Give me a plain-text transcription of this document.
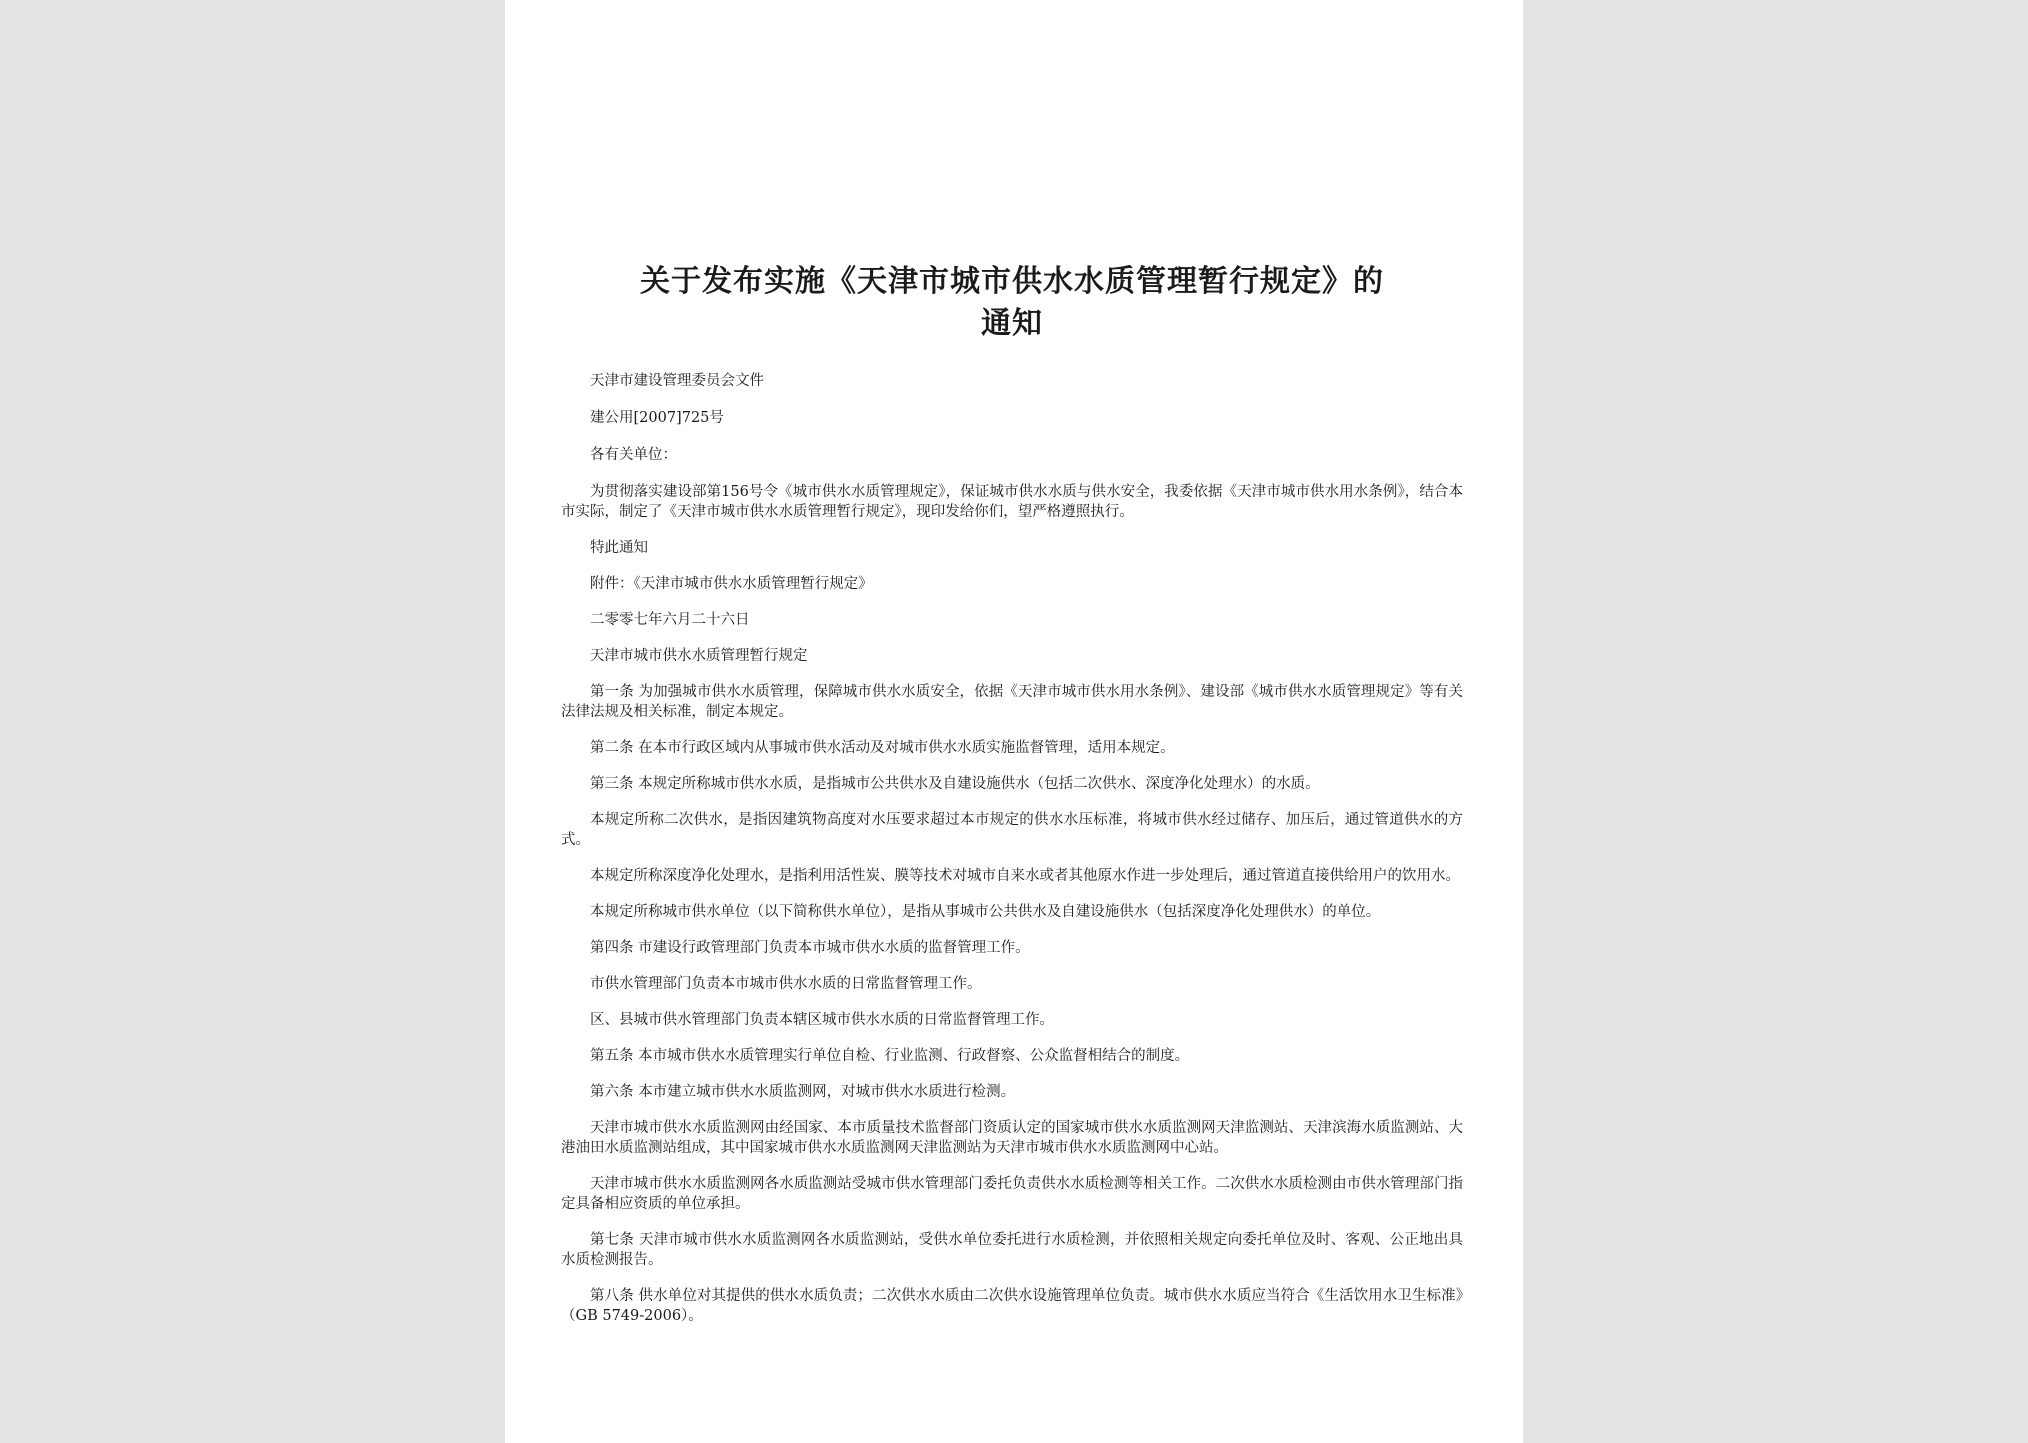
关于发布实施《天津市城市供水水质管理暂行规定》的
通知

天津市建设管理委员会文件

建公用[2007]725号

各有关单位：

为贯彻落实建设部第156号令《城市供水水质管理规定》，保证城市供水水质与供水安全，我委依据《天津市城市供水用水条例》，结合本市实际，制定了《天津市城市供水水质管理暂行规定》，现印发给你们，望严格遵照执行。

特此通知

附件：《天津市城市供水水质管理暂行规定》

二零零七年六月二十六日

天津市城市供水水质管理暂行规定

第一条 为加强城市供水水质管理，保障城市供水水质安全，依据《天津市城市供水用水条例》、建设部《城市供水水质管理规定》等有关法律法规及相关标准，制定本规定。

第二条 在本市行政区域内从事城市供水活动及对城市供水水质实施监督管理，适用本规定。

第三条 本规定所称城市供水水质，是指城市公共供水及自建设施供水（包括二次供水、深度净化处理水）的水质。

本规定所称二次供水，是指因建筑物高度对水压要求超过本市规定的供水水压标准，将城市供水经过储存、加压后，通过管道供水的方式。

本规定所称深度净化处理水，是指利用活性炭、膜等技术对城市自来水或者其他原水作进一步处理后，通过管道直接供给用户的饮用水。

本规定所称城市供水单位（以下简称供水单位），是指从事城市公共供水及自建设施供水（包括深度净化处理供水）的单位。

第四条 市建设行政管理部门负责本市城市供水水质的监督管理工作。

市供水管理部门负责本市城市供水水质的日常监督管理工作。

区、县城市供水管理部门负责本辖区城市供水水质的日常监督管理工作。

第五条 本市城市供水水质管理实行单位自检、行业监测、行政督察、公众监督相结合的制度。

第六条 本市建立城市供水水质监测网，对城市供水水质进行检测。

天津市城市供水水质监测网由经国家、本市质量技术监督部门资质认定的国家城市供水水质监测网天津监测站、天津滨海水质监测站、大港油田水质监测站组成，其中国家城市供水水质监测网天津监测站为天津市城市供水水质监测网中心站。

天津市城市供水水质监测网各水质监测站受城市供水管理部门委托负责供水水质检测等相关工作。二次供水水质检测由市供水管理部门指定具备相应资质的单位承担。

第七条 天津市城市供水水质监测网各水质监测站，受供水单位委托进行水质检测，并依照相关规定向委托单位及时、客观、公正地出具水质检测报告。

第八条 供水单位对其提供的供水水质负责；二次供水水质由二次供水设施管理单位负责。城市供水水质应当符合《生活饮用水卫生标准》（GB 5749-2006）。
